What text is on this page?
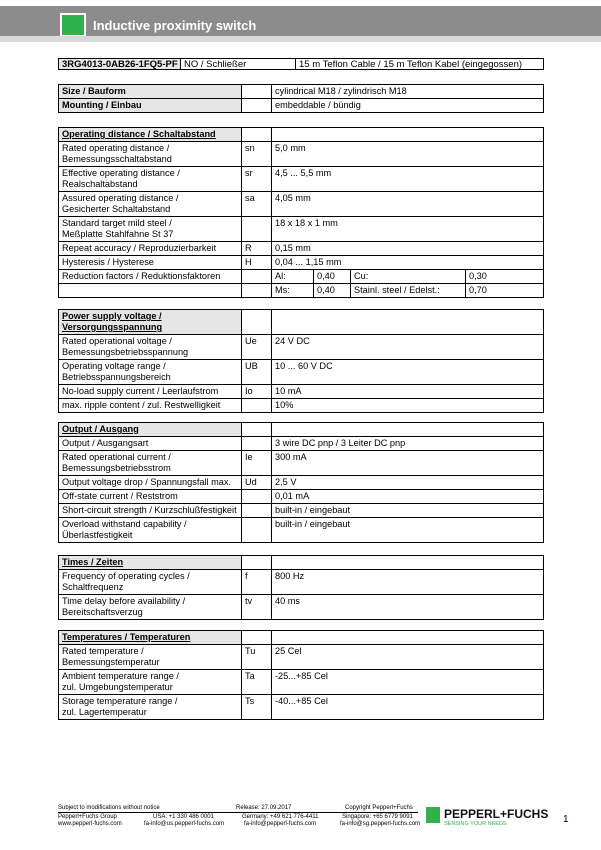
Inductive proximity switch
3RG4013-0AB26-1FQ5-PF NO / Schließer	15 m Teflon Cable / 15 m Teflon Kabel (eingegossen)
Size / Bauform		cylindrical M18 / zylindrisch M18
Mounting / Einbau		embeddable / bündig
Operating distance / Schaltabstand					
Rated operating distance /
Bemessungsschaltabstand	sn	5,0 mm			
Effective operating distance /
Realschaltabstand	sr	4,5 ... 5,5 mm			
Assured operating distance /
Gesicherter Schaltabstand	sa	4,05 mm			
Standard target mild steel /
Meßplatte Stahlfahne St 37		18 x 18 x 1 mm			
Repeat accuracy / Reproduzierbarkeit	R	0,15 mm			
Hysteresis / Hysterese	H	0,04 ... 1,15 mm			
Reduction factors / Reduktionsfaktoren		Al:	0,40	Cu:	0,30
		Ms:	0,40	Stainl. steel / Edelst.:	0,70
Power supply voltage /
Versorgungsspannung		
Rated operational voltage /
Bemessungsbetriebsspannung	Ue	24 V DC
Operating voltage range /
Betriebsspannungsbereich	UB	10 ... 60 V DC
No-load supply current / Leerlaufstrom	Io	10 mA
max. ripple content / zul. Restwelligkeit		10%
Output / Ausgang		
Output / Ausgangsart		3 wire DC pnp / 3 Leiter DC pnp
Rated operational current /
Bemessungsbetriebsstrom	Ie	300 mA
Output voltage drop / Spannungsfall max.	Ud	2,5 V
Off-state current / Reststrom		0,01 mA
Short-circuit strength / Kurzschlußfestigkeit		built-in / eingebaut
Overload withstand capability /
Überlastfestigkeit		built-in / eingebaut
Times / Zeiten		
Frequency of operating cycles /
Schaltfrequenz	f	800 Hz
Time delay before availability /
Bereitschaftsverzug	tv	40 ms
Temperatures / Temperaturen		
Rated temperature /
Bemessungstemperatur	Tu	25 Cel
Ambient temperature range /
zul. Umgebungstemperatur	Ta	-25...+85 Cel
Storage temperature range /
zul. Lagertemperatur	Ts	-40...+85 Cel
Subject to modifications without notice	Release: 27.09.2017	Copyright Pepperl+Fuchs
Pepperl+Fuchs Group
www.pepperl-fuchs.com
USA: +1 330 486 0001
fa-info@us.pepperl-fuchs.com
Germany: +49 621 776-4411
fa-info@pepperl-fuchs.com
Singapore: +65 6779 9091
fa-info@sg.pepperl-fuchs.com
PEPPERL+FUCHS
SENSING YOUR NEEDS	1
